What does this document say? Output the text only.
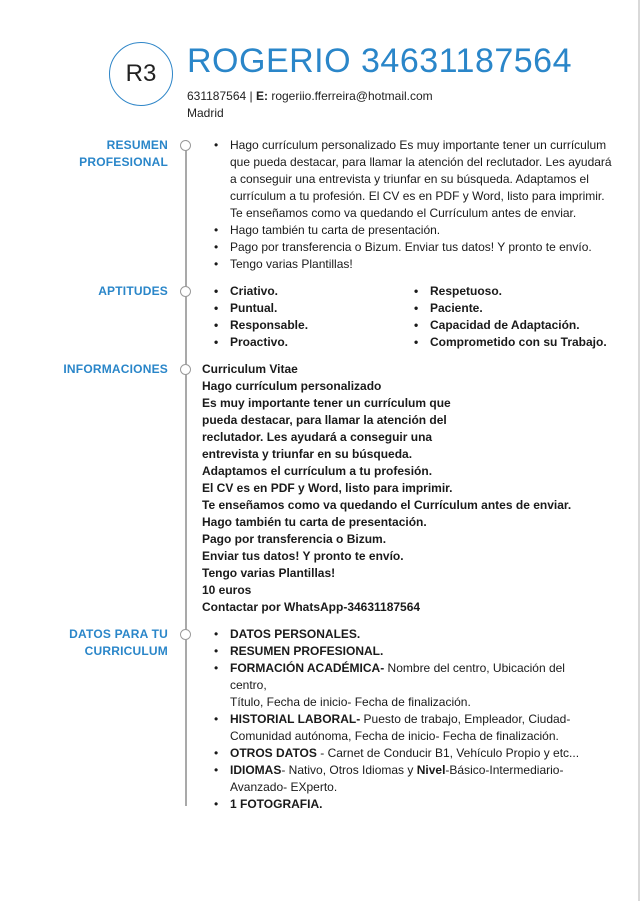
R3 ROGERIO 34631187564
631187564 | E: rogeriio.fferreira@hotmail.com
Madrid
RESUMEN
PROFESIONAL
• Hago currículum personalizado Es muy importante tener un currículum
que pueda destacar, para llamar la atención del reclutador. Les ayudará
a conseguir una entrevista y triunfar en su búsqueda. Adaptamos el
currículum a tu profesión. El CV es en PDF y Word, listo para imprimir.
Te enseñamos como va quedando el Currículum antes de enviar.
• Hago también tu carta de presentación.
• Pago por transferencia o Bizum. Enviar tus datos! Y pronto te envío.
• Tengo varias Plantillas!
APTITUDES
•	Criativo.
• Puntual.
• Responsable.
• Proactivo.
• Respetuoso.
• Paciente.
• Capacidad de Adaptación.
• Comprometido con su Trabajo.
INFORMACIONES	Curriculum Vitae
Hago currículum personalizado
Es muy importante tener un currículum que
pueda destacar, para llamar la atención del
reclutador. Les ayudará a conseguir una
entrevista y triunfar en su búsqueda.
Adaptamos el currículum a tu profesión.
El CV es en PDF y Word, listo para imprimir.
Te enseñamos como va quedando el Currículum antes de enviar.
Hago también tu carta de presentación.
Pago por transferencia o Bizum.
Enviar tus datos! Y pronto te envío.
Tengo varias Plantillas!
10 euros
Contactar por WhatsApp-34631187564
DATOS PARA TU
CURRICULUM
• DATOS PERSONALES.
• RESUMEN PROFESIONAL.
• FORMACIÓN ACADÉMICA- Nombre del centro, Ubicación del centro,
Título, Fecha de inicio- Fecha de finalización.
• HISTORIAL LABORAL- Puesto de trabajo, Empleador, Ciudad-
Comunidad autónoma, Fecha de inicio- Fecha de finalización.
• OTROS DATOS - Carnet de Conducir B1, Vehículo Propio y etc...
• IDIOMAS- Nativo, Otros Idiomas y Nivel-Básico-Intermediario-
Avanzado- EXperto.
• 1 FOTOGRAFIA.
